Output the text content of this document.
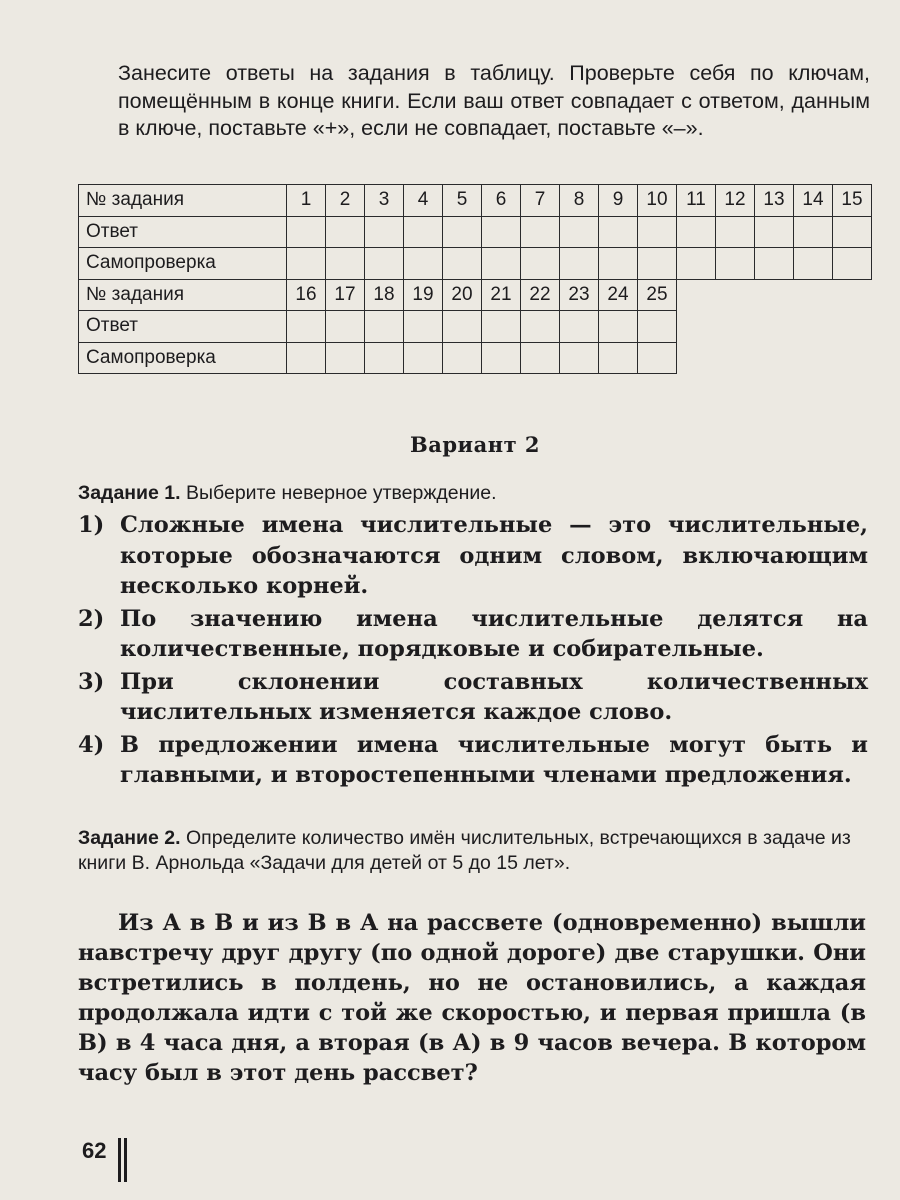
Занесите ответы на задания в таблицу. Проверьте себя по ключам, помещённым в конце книги. Если ваш ответ совпадает с ответом, данным в ключе, поставьте «+», если не совпадает, поставьте «–».
№ задания	1	2	3	4	5	6	7	8	9	10	11	12	13	14	15
Ответ															
Самопроверка															
№ задания	16	17	18	19	20	21	22	23	24	25					
Ответ															
Самопроверка															
Вариант 2
Задание 1. Выберите неверное утверждение.
1) Сложные имена числительные — это числительные, которые обозначаются одним словом, включающим несколько корней.
2) По значению имена числительные делятся на количественные, порядковые и собирательные.
3) При склонении составных количественных числительных изменяется каждое слово.
4) В предложении имена числительные могут быть и главными, и второстепенными членами предложения.
Задание 2. Определите количество имён числительных, встречающихся в задаче из книги В. Арнольда «Задачи для детей от 5 до 15 лет».
Из А в В и из В в А на рассвете (одновременно) вышли навстречу друг другу (по одной дороге) две старушки. Они встретились в полдень, но не остановились, а каждая продолжала идти с той же скоростью, и первая пришла (в В) в 4 часа дня, а вторая (в А) в 9 часов вечера. В котором часу был в этот день рассвет?
62
